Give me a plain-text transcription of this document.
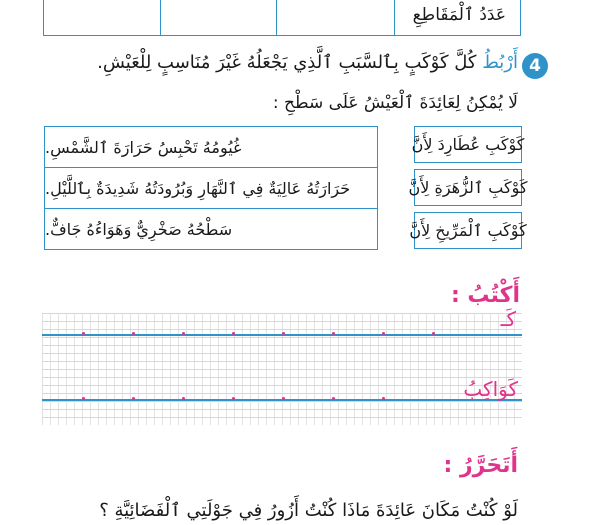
عَدَدُ ٱلْمَقَاطِعِ
4
أَرْبُطُ كُلَّ كَوْكَبٍ بِٱلسَّبَبِ ٱلَّذِي يَجْعَلُهُ غَيْرَ مُنَاسِبٍ لِلْعَيْشِ.
لَا يُمْكِنُ لِعَائِدَةَ ٱلْعَيْشُ عَلَى سَطْحِ :
غُيُومُهُ تَحْبِسُ حَرَارَةَ ٱلشَّمْسِ.
حَرَارَتُهُ عَالِيَةٌ فِي ٱلنَّهَارِ وَبُرُودَتُهُ شَدِيدَةٌ بِٱللَّيْلِ.
سَطْحُهُ صَخْرِيٌّ وَهَوَاءُهُ جَافٌّ.
كَوْكَبِ عُطَارِدَ لِأَنَّ
كَوْكَبِ ٱلزُّهَرَةِ لِأَنَّ
كَوْكَبِ ٱلْمَرِّيخِ لِأَنَّ
أَكْتُبُ :
كَـ
كَوَاكِبُ
أَتَحَرَّرُ :
لَوْ كُنْتُ مَكَانَ عَائِدَةَ مَاذَا كُنْتُ أَزُورُ فِي جَوْلَتِي ٱلْفَضَائِيَّةِ ؟
